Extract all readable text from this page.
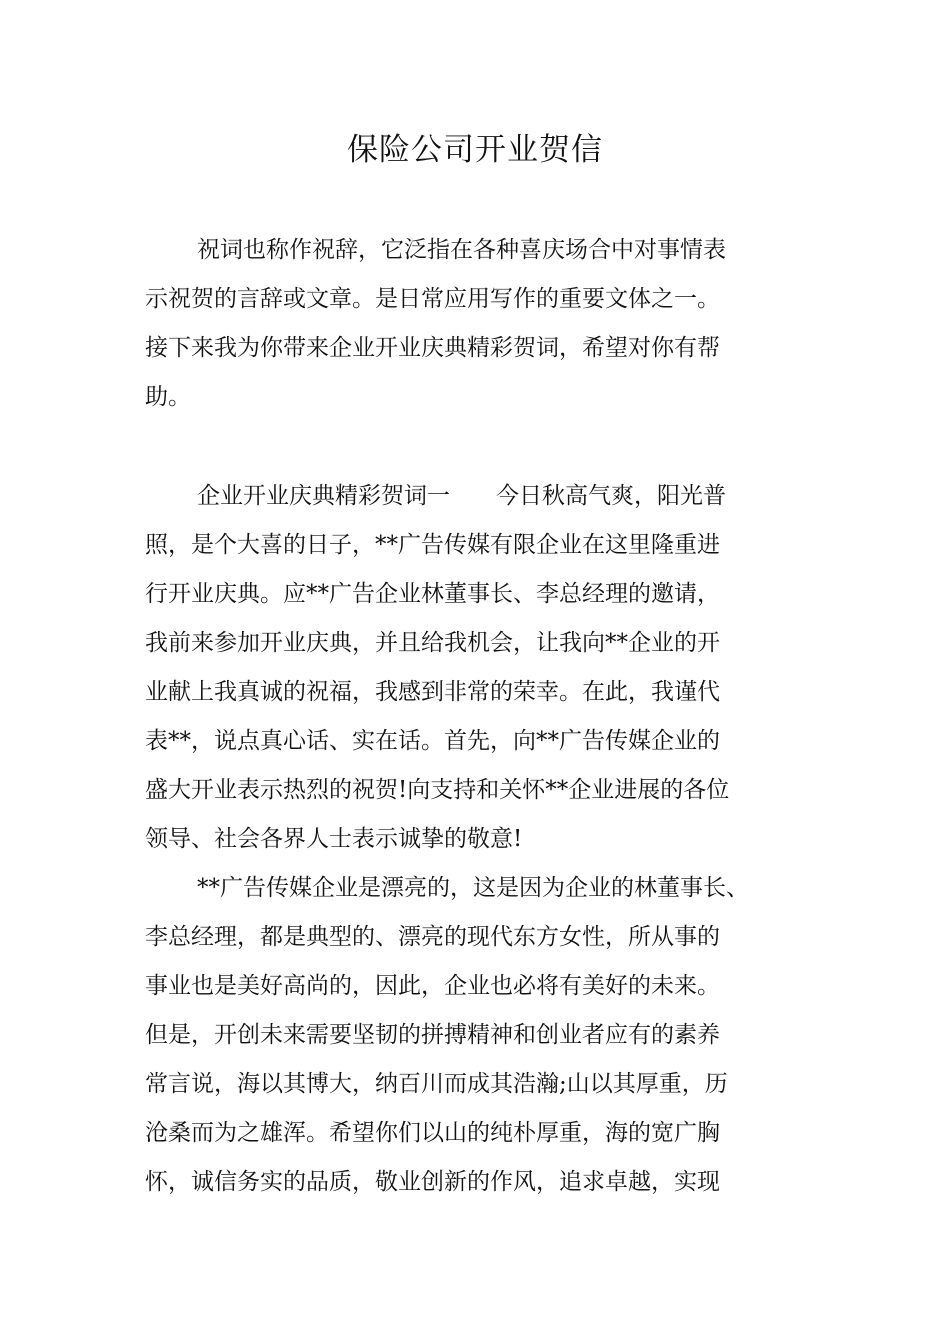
保险公司开业贺信
祝词也称作祝辞，它泛指在各种喜庆场合中对事情表
示祝贺的言辞或文章。是日常应用写作的重要文体之一。
接下来我为你带来企业开业庆典精彩贺词，希望对你有帮
助。
企业开业庆典精彩贺词一　　今日秋高气爽，阳光普
照，是个大喜的日子，**广告传媒有限企业在这里隆重进
行开业庆典。应**广告企业林董事长、李总经理的邀请，
我前来参加开业庆典，并且给我机会，让我向**企业的开
业献上我真诚的祝福，我感到非常的荣幸。在此，我谨代
表**，说点真心话、实在话。首先，向**广告传媒企业的
盛大开业表示热烈的祝贺!向支持和关怀**企业进展的各位
领导、社会各界人士表示诚挚的敬意!
**广告传媒企业是漂亮的，这是因为企业的林董事长、
李总经理，都是典型的、漂亮的现代东方女性，所从事的
事业也是美好高尚的，因此，企业也必将有美好的未来。
但是，开创未来需要坚韧的拼搏精神和创业者应有的素养
常言说，海以其博大，纳百川而成其浩瀚;山以其厚重，历
沧桑而为之雄浑。希望你们以山的纯朴厚重，海的宽广胸
怀，诚信务实的品质，敬业创新的作风，追求卓越，实现
